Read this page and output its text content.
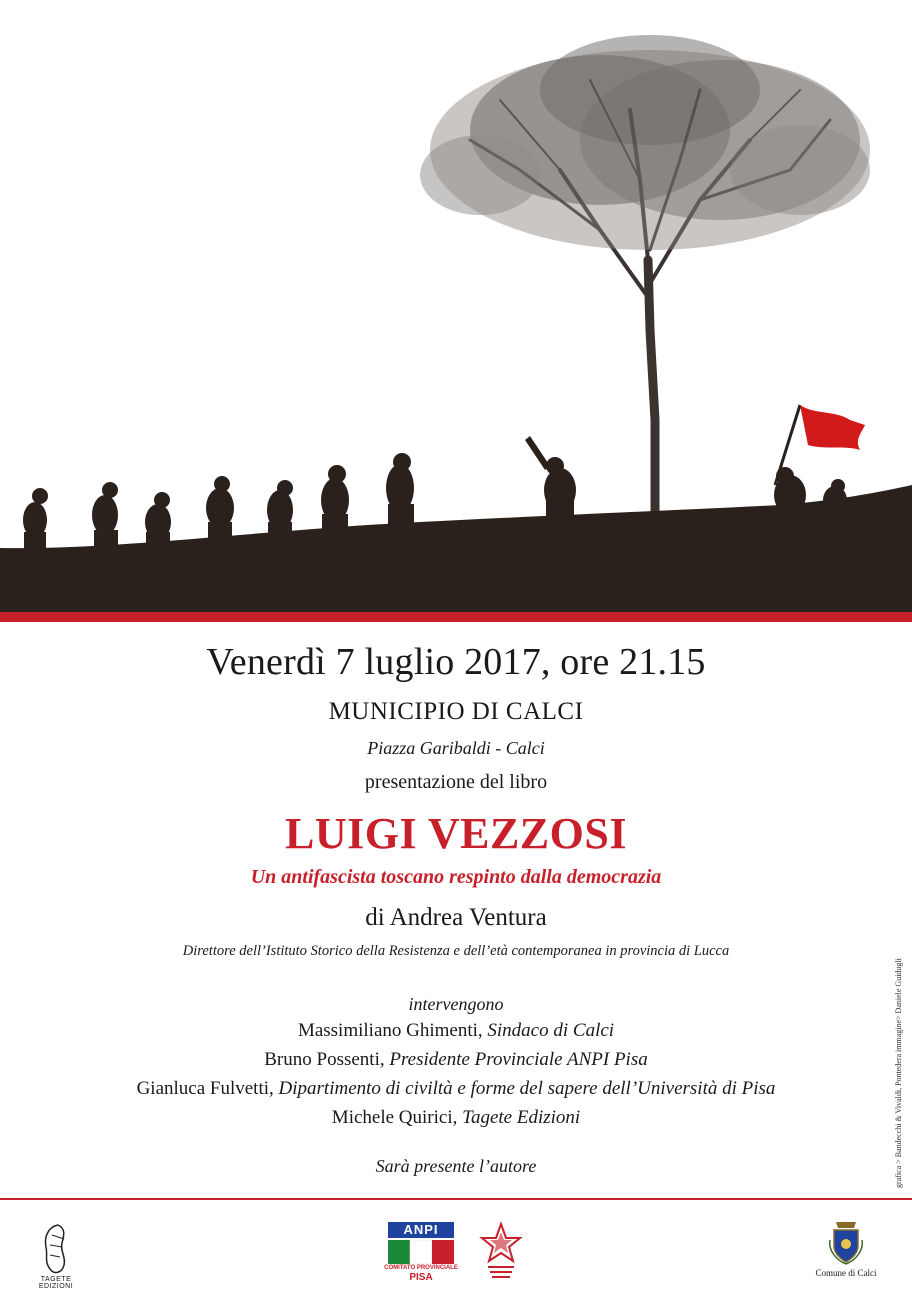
Venerdì 7 luglio 2017, ore 21.15
MUNICIPIO DI CALCI
Piazza Garibaldi - Calci
presentazione del libro
LUIGI VEZZOSI
Un antifascista toscano respinto dalla democrazia
di Andrea Ventura
Direttore dell’Istituto Storico della Resistenza e dell’età contemporanea in provincia di Lucca
intervengono
Massimiliano Ghimenti, Sindaco di Calci
Bruno Possenti, Presidente Provinciale ANPI Pisa
Gianluca Fulvetti, Dipartimento di civiltà e forme del sapere dell’Università di Pisa
Michele Quirici, Tagete Edizioni
Sarà presente l’autore	grafica > Bandecchi & Vivaldi, Pontedera immagine> Daniele Guidugli
TAGETE EDIZIONI
ANPI
COMITATO PROVINCIALE
PISA	Comune di Calci
